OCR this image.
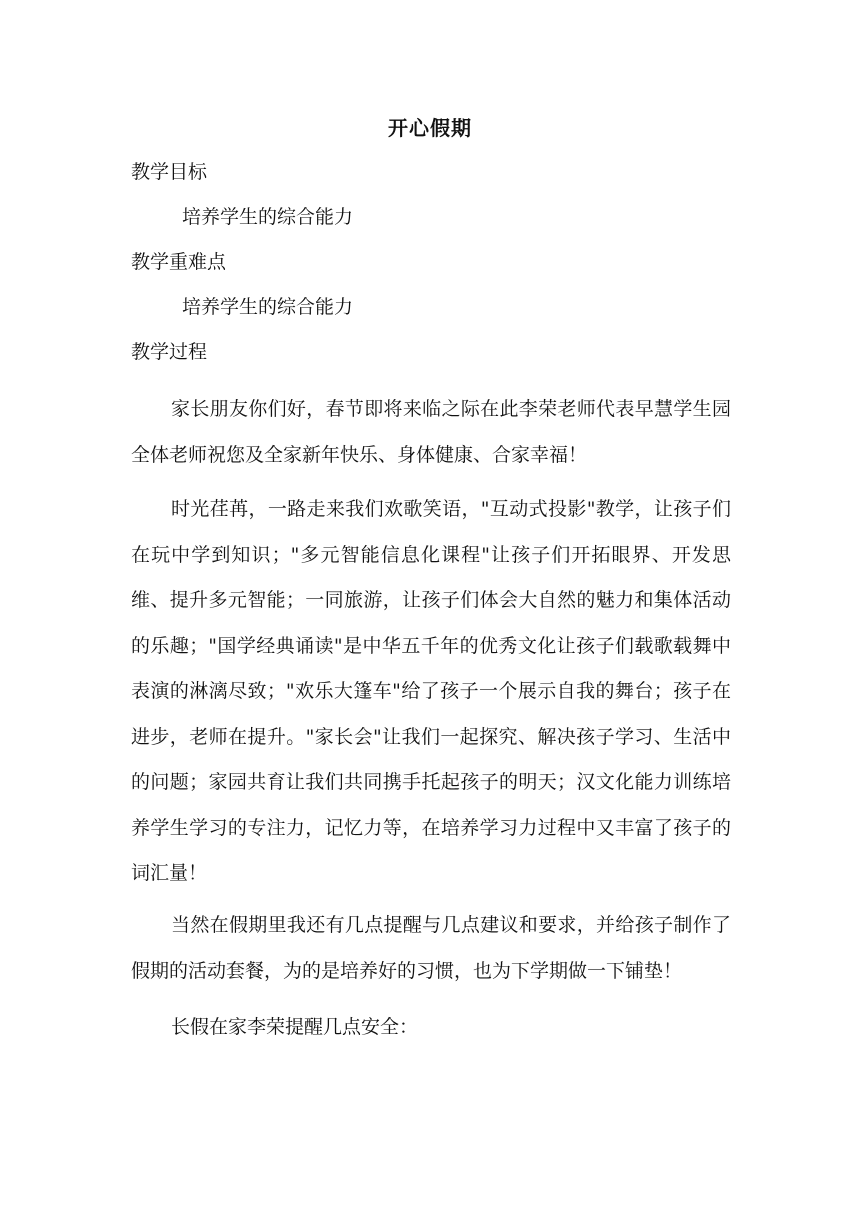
开心假期
教学目标
培养学生的综合能力
教学重难点
培养学生的综合能力
教学过程

家长朋友你们好，春节即将来临之际在此李荣老师代表早慧学生园全体老师祝您及全家新年快乐、身体健康、合家幸福！

时光荏苒，一路走来我们欢歌笑语，"互动式投影"教学，让孩子们在玩中学到知识；"多元智能信息化课程"让孩子们开拓眼界、开发思维、提升多元智能；一同旅游，让孩子们体会大自然的魅力和集体活动的乐趣；"国学经典诵读"是中华五千年的优秀文化让孩子们载歌载舞中表演的淋漓尽致；"欢乐大篷车"给了孩子一个展示自我的舞台；孩子在进步，老师在提升。"家长会"让我们一起探究、解决孩子学习、生活中的问题；家园共育让我们共同携手托起孩子的明天；汉文化能力训练培养学生学习的专注力，记忆力等，在培养学习力过程中又丰富了孩子的词汇量！

当然在假期里我还有几点提醒与几点建议和要求，并给孩子制作了假期的活动套餐，为的是培养好的习惯，也为下学期做一下铺垫！

长假在家李荣提醒几点安全：
